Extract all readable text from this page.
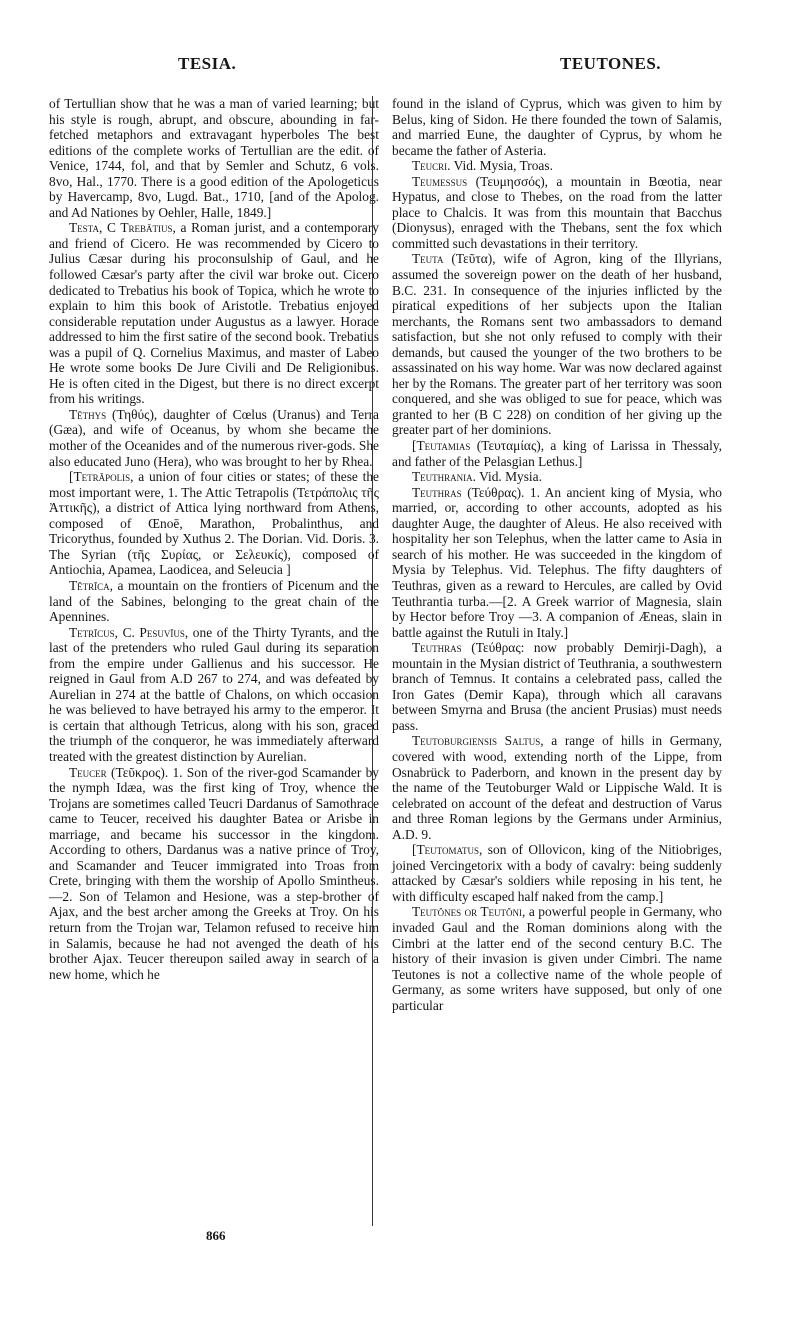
TESIA.	TEUTONES.

of Tertullian show that he was a man of varied learning; but his style is rough, abrupt, and obscure, abounding in far-fetched metaphors and extravagant hyperboles The best editions of the complete works of Tertullian are the edit. of Venice, 1744, fol, and that by Semler and Schutz, 6 vols. 8vo, Hal., 1770. There is a good edition of the Apologeticus by Havercamp, 8vo, Lugd. Bat., 1710, [and of the Apolog. and Ad Nationes by Oehler, Halle, 1849.]

Testa, C Trebātius, a Roman jurist, and a contemporary and friend of Cicero. He was recommended by Cicero to Julius Cæsar during his proconsulship of Gaul, and he followed Cæsar's party after the civil war broke out. Cicero dedicated to Trebatius his book of Topica, which he wrote to explain to him this book of Aristotle. Trebatius enjoyed considerable reputation under Augustus as a lawyer. Horace addressed to him the first satire of the second book. Trebatius was a pupil of Q. Cornelius Maximus, and master of Labeo He wrote some books De Jure Civili and De Religionibus. He is often cited in the Digest, but there is no direct excerpt from his writings.

Tēthys (Τηθύς), daughter of Cœlus (Uranus) and Terra (Gæa), and wife of Oceanus, by whom she became the mother of the Oceanides and of the numerous river-gods. She also educated Juno (Hera), who was brought to her by Rhea.

[Tetrăpolis, a union of four cities or states; of these the most important were, 1. The Attic Tetrapolis (Τετράπολις τῆς Ἀττικῆς), a district of Attica lying northward from Athens, composed of Œnoē, Marathon, Probalinthus, and Tricorythus, founded by Xuthus 2. The Dorian. Vid. Doris. 3. The Syrian (τῆς Συρίας, or Σελευκίς), composed of Antiochia, Apamea, Laodicea, and Seleucia ]

Tĕtrĭca, a mountain on the frontiers of Picenum and the land of the Sabines, belonging to the great chain of the Apennines.

Tetrĭcus, C. Pesuvĭus, one of the Thirty Tyrants, and the last of the pretenders who ruled Gaul during its separation from the empire under Gallienus and his successor. He reigned in Gaul from A.D 267 to 274, and was defeated by Aurelian in 274 at the battle of Chalons, on which occasion he was believed to have betrayed his army to the emperor. It is certain that although Tetricus, along with his son, graced the triumph of the conqueror, he was immediately afterward treated with the greatest distinction by Aurelian.

Teucer (Τεῦκρος). 1. Son of the river-god Scamander by the nymph Idæa, was the first king of Troy, whence the Trojans are sometimes called Teucri Dardanus of Samothrace came to Teucer, received his daughter Batea or Arisbe in marriage, and became his successor in the kingdom. According to others, Dardanus was a native prince of Troy, and Scamander and Teucer immigrated into Troas from Crete, bringing with them the worship of Apollo Smintheus.—2. Son of Telamon and Hesione, was a step-brother of Ajax, and the best archer among the Greeks at Troy. On his return from the Trojan war, Telamon refused to receive him in Salamis, because he had not avenged the death of his brother Ajax. Teucer thereupon sailed away in search of a new home, which he

found in the island of Cyprus, which was given to him by Belus, king of Sidon. He there founded the town of Salamis, and married Eune, the daughter of Cyprus, by whom he became the father of Asteria.

Teucri. Vid. Mysia, Troas.

Teumessus (Τευμησσός), a mountain in Bœotia, near Hypatus, and close to Thebes, on the road from the latter place to Chalcis. It was from this mountain that Bacchus (Dionysus), enraged with the Thebans, sent the fox which committed such devastations in their territory.

Teuta (Τεῦτα), wife of Agron, king of the Illyrians, assumed the sovereign power on the death of her husband, B.C. 231. In consequence of the injuries inflicted by the piratical expeditions of her subjects upon the Italian merchants, the Romans sent two ambassadors to demand satisfaction, but she not only refused to comply with their demands, but caused the younger of the two brothers to be assassinated on his way home. War was now declared against her by the Romans. The greater part of her territory was soon conquered, and she was obliged to sue for peace, which was granted to her (B C 228) on condition of her giving up the greater part of her dominions.

[Teutamias (Τευταμίας), a king of Larissa in Thessaly, and father of the Pelasgian Lethus.]

Teuthrania. Vid. Mysia.

Teuthras (Τεύθρας). 1. An ancient king of Mysia, who married, or, according to other accounts, adopted as his daughter Auge, the daughter of Aleus. He also received with hospitality her son Telephus, when the latter came to Asia in search of his mother. He was succeeded in the kingdom of Mysia by Telephus. Vid. Telephus. The fifty daughters of Teuthras, given as a reward to Hercules, are called by Ovid Teuthrantia turba.—[2. A Greek warrior of Magnesia, slain by Hector before Troy —3. A companion of Æneas, slain in battle against the Rutuli in Italy.]

Teuthras (Τεύθρας: now probably Demirji-Dagh), a mountain in the Mysian district of Teuthrania, a southwestern branch of Temnus. It contains a celebrated pass, called the Iron Gates (Demir Kapa), through which all caravans between Smyrna and Brusa (the ancient Prusias) must needs pass.

Teutoburgiensis Saltus, a range of hills in Germany, covered with wood, extending north of the Lippe, from Osnabrück to Paderborn, and known in the present day by the name of the Teutoburger Wald or Lippische Wald. It is celebrated on account of the defeat and destruction of Varus and three Roman legions by the Germans under Arminius, A.D. 9.

[Teutomatus, son of Ollovicon, king of the Nitiobriges, joined Vercingetorix with a body of cavalry: being suddenly attacked by Cæsar's soldiers while reposing in his tent, he with difficulty escaped half naked from the camp.]

Teutŏnes or Teutŏni, a powerful people in Germany, who invaded Gaul and the Roman dominions along with the Cimbri at the latter end of the second century B.C. The history of their invasion is given under Cimbri. The name Teutones is not a collective name of the whole people of Germany, as some writers have supposed, but only of one particular

866
